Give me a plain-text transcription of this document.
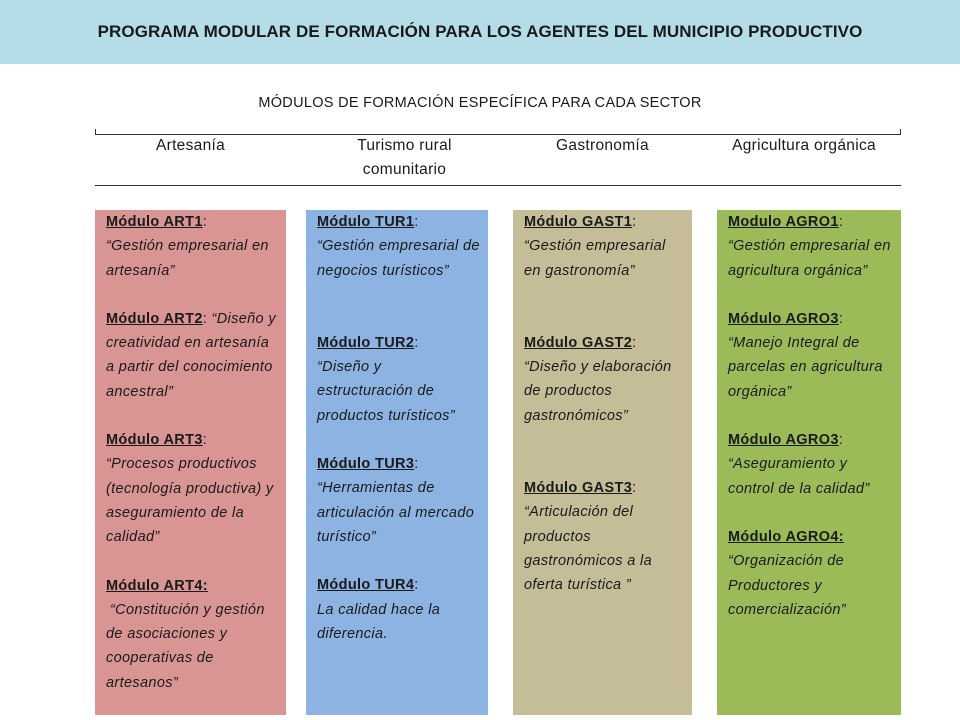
PROGRAMA MODULAR DE FORMACIÓN PARA LOS AGENTES DEL MUNICIPIO PRODUCTIVO
MÓDULOS DE FORMACIÓN ESPECÍFICA PARA CADA SECTOR
Artesanía	Turismo rural
comunitario
Gastronomía	Agricultura orgánica
Módulo ART1:
“Gestión empresarial en artesanía”
Módulo ART2: “Diseño y creatividad en artesanía a partir del conocimiento ancestral”
Módulo ART3:
“Procesos productivos (tecnología productiva) y aseguramiento de la calidad”
Módulo ART4:
“Constitución y gestión de asociaciones y cooperativas de artesanos”
Módulo TUR1:
“Gestión empresarial de negocios turísticos”
Módulo TUR2:
“Diseño y estructuración de productos turísticos”
Módulo TUR3:
“Herramientas de articulación al mercado turístico”
Módulo TUR4:
La calidad hace la diferencia.
Módulo GAST1:
“Gestión empresarial en gastronomía”
Módulo GAST2:
“Diseño y elaboración de productos gastronómicos”
Módulo GAST3:
“Articulación del productos gastronómicos a la oferta turística ”
Modulo AGRO1:
“Gestión empresarial en agricultura orgánica”
Módulo AGRO3:
“Manejo Integral de parcelas en agricultura orgánica”
Módulo AGRO3:
“Aseguramiento y control de la calidad”
Módulo AGRO4:
“Organización de Productores y comercialización”
